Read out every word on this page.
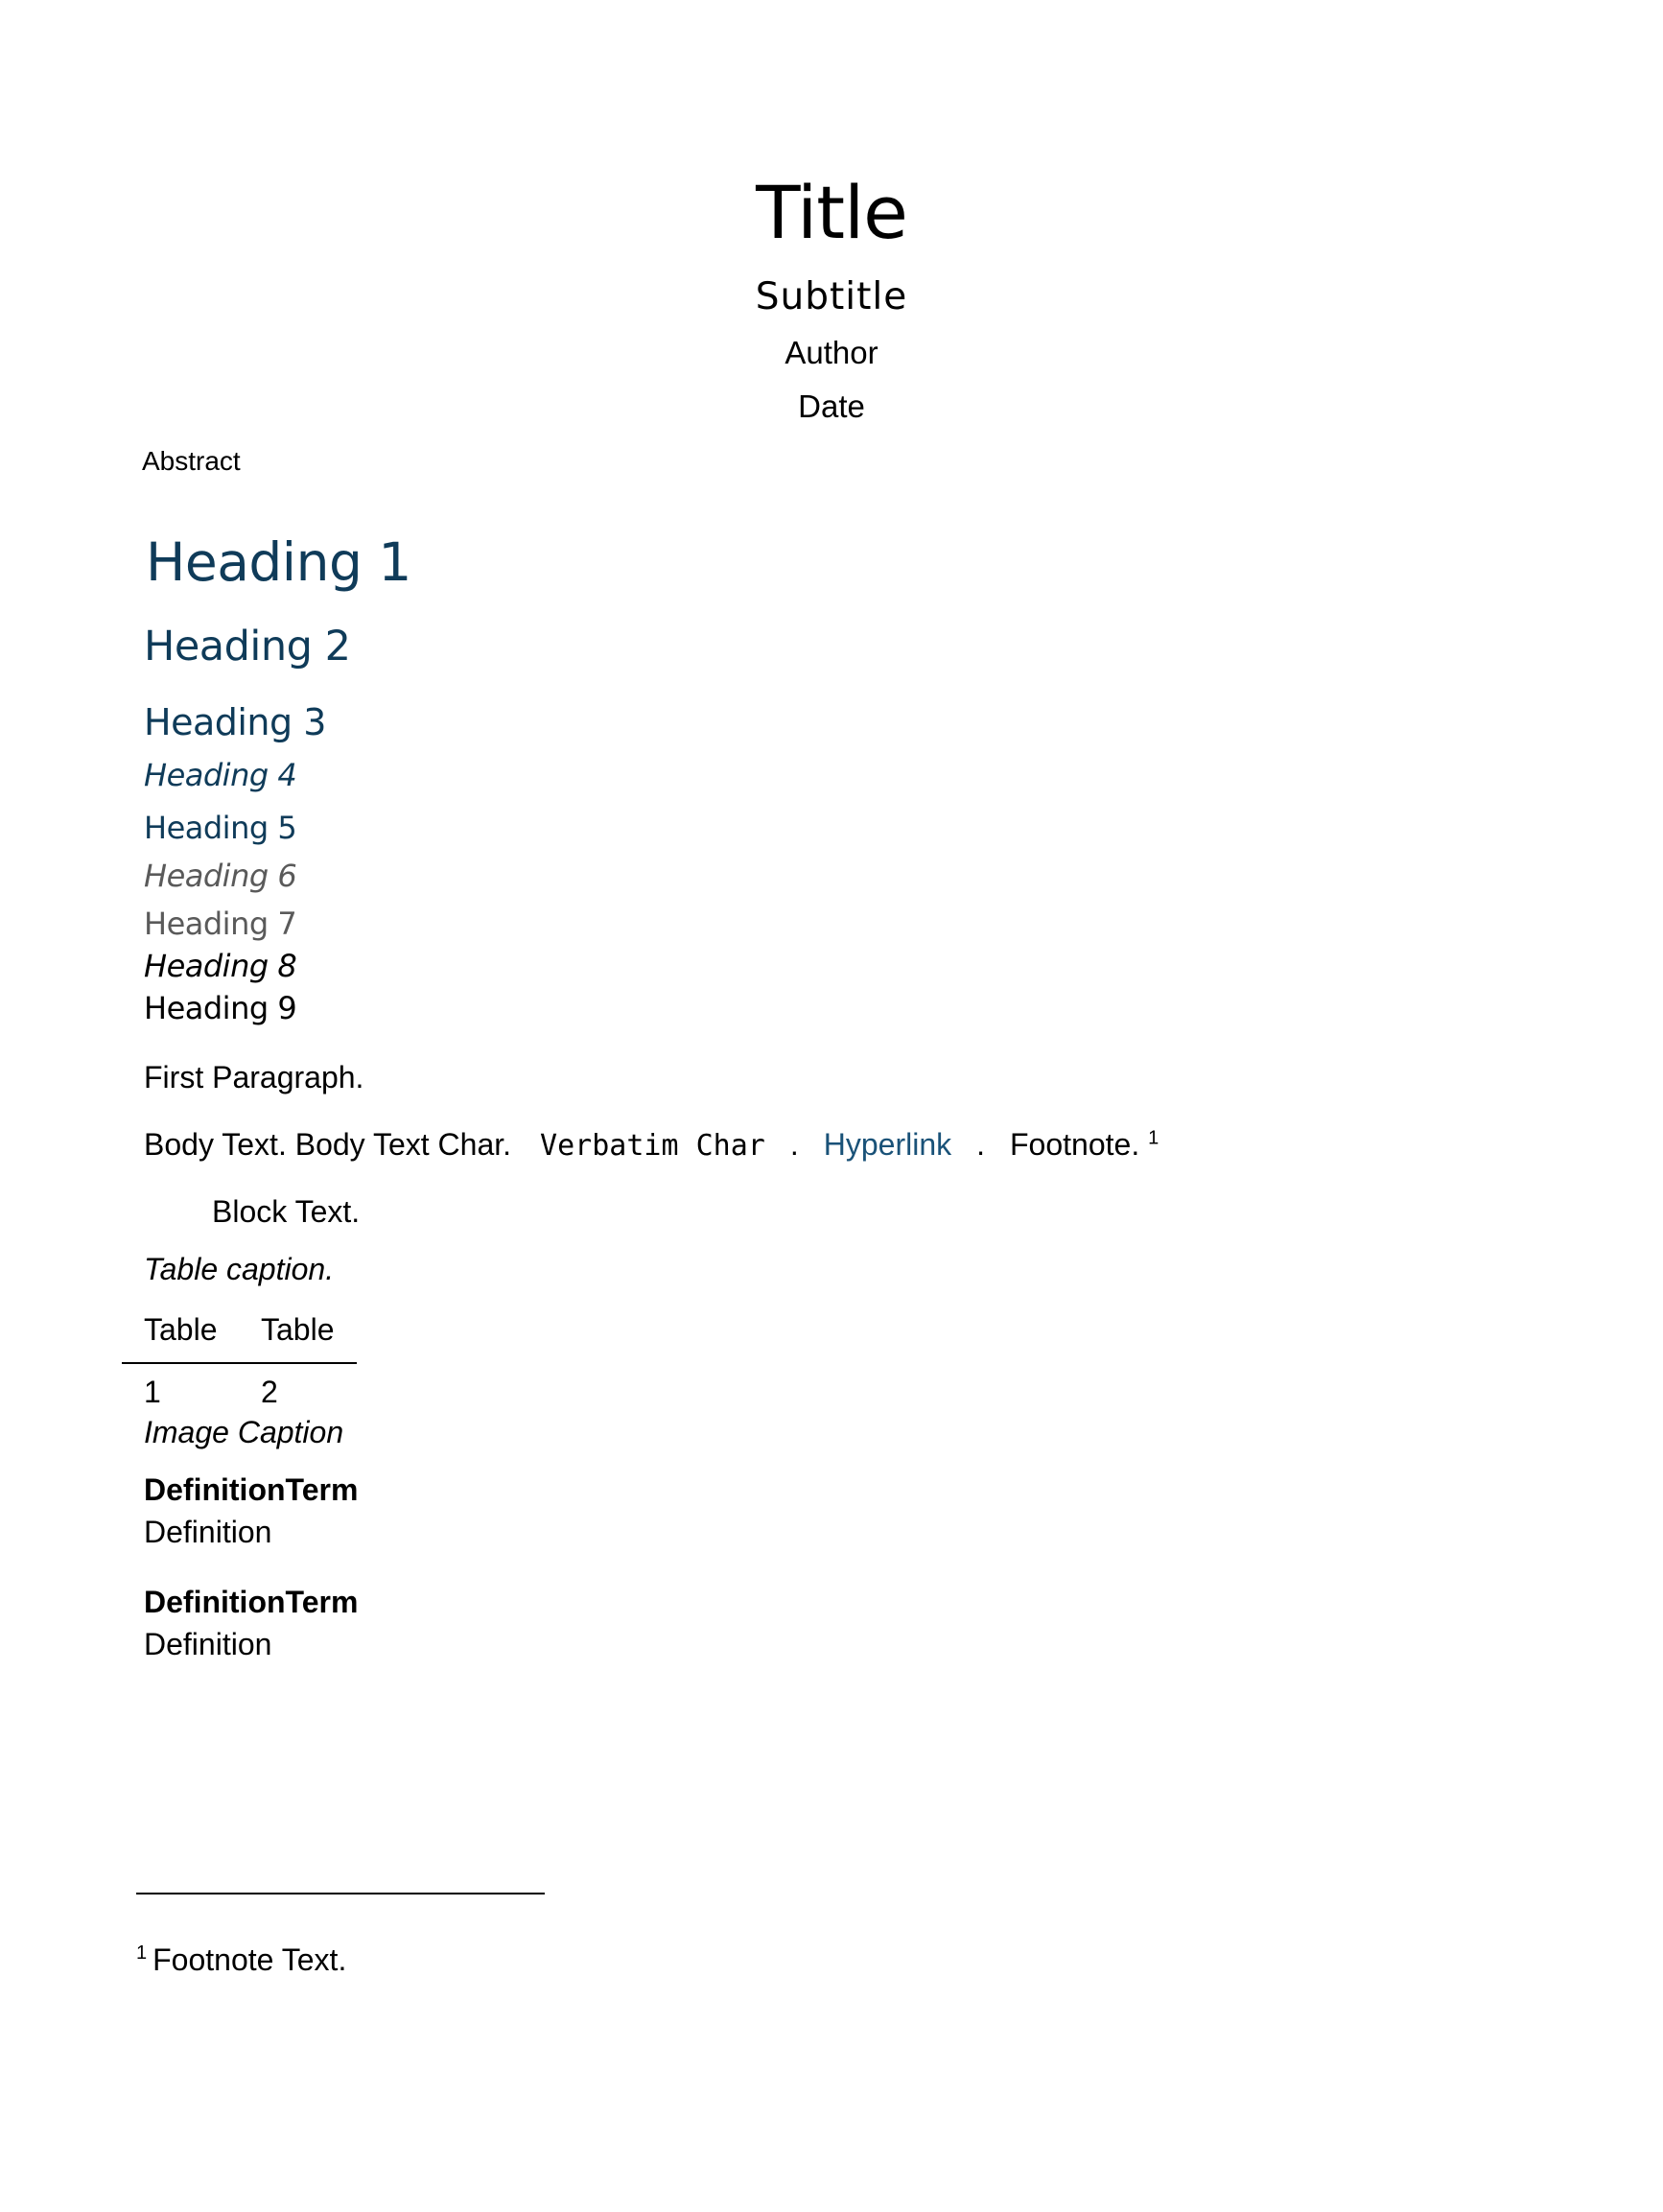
Title
Subtitle
Author
Date
Abstract
Heading 1
Heading 2
Heading 3
Heading 4
Heading 5
Heading 6
Heading 7
Heading 8
Heading 9
First Paragraph.
Body Text. Body Text Char. Verbatim Char . Hyperlink . Footnote. $^1$
Block Text.
Table caption.
Table	Table
1	2
Image Caption
DefinitionTerm
Definition
DefinitionTerm
Definition
$^1$ Footnote Text.
